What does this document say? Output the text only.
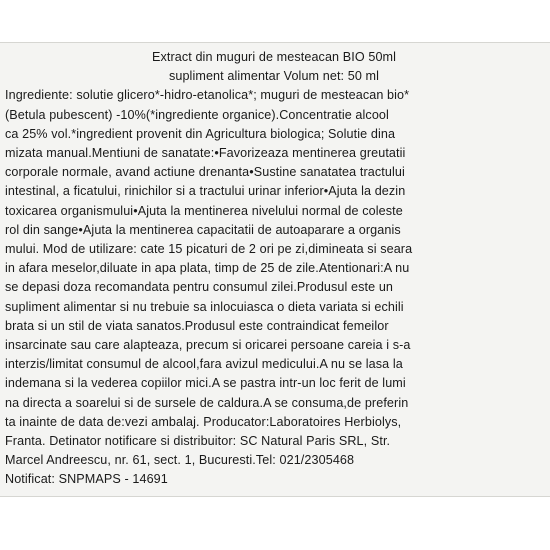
Extract din muguri de mesteacan BIO 50ml
supliment alimentar Volum net: 50 ml
Ingrediente: solutie glicero*-hidro-etanolica*; muguri de mesteacan bio*
(Betula pubescent) -10%(*ingrediente organice).Concentratie alcool
ca 25% vol.*ingredient provenit din Agricultura biologica; Solutie dina
mizata manual.Mentiuni de sanatate:•Favorizeaza mentinerea greutatii
corporale normale, avand actiune drenanta•Sustine sanatatea tractului
intestinal, a ficatului, rinichilor si a tractului urinar inferior•Ajuta la dezin
toxicarea organismului•Ajuta la mentinerea nivelului normal de coleste
rol din sange•Ajuta la mentinerea capacitatii de autoaparare a organis
mului. Mod de utilizare: cate 15 picaturi de 2 ori pe zi,dimineata si seara
in afara meselor,diluate in apa plata, timp de 25 de zile.Atentionari:A nu
se depasi doza recomandata pentru consumul zilei.Produsul este un
supliment alimentar si nu trebuie sa inlocuiasca o dieta variata si echili
brata si un stil de viata sanatos.Produsul este contraindicat femeilor
insarcinate sau care alapteaza, precum si oricarei persoane careia i s-a
interzis/limitat consumul de alcool,fara avizul medicului.A nu se lasa la
indemana si la vederea copiilor mici.A se pastra intr-un loc ferit de lumi
na directa a soarelui si de sursele de caldura.A se consuma,de preferin
ta inainte de data de:vezi ambalaj. Producator:Laboratoires Herbiolys,
Franta. Detinator notificare si distribuitor: SC Natural Paris SRL, Str.
Marcel Andreescu, nr. 61, sect. 1, Bucuresti.Tel: 021/2305468
Notificat: SNPMAPS - 14691
